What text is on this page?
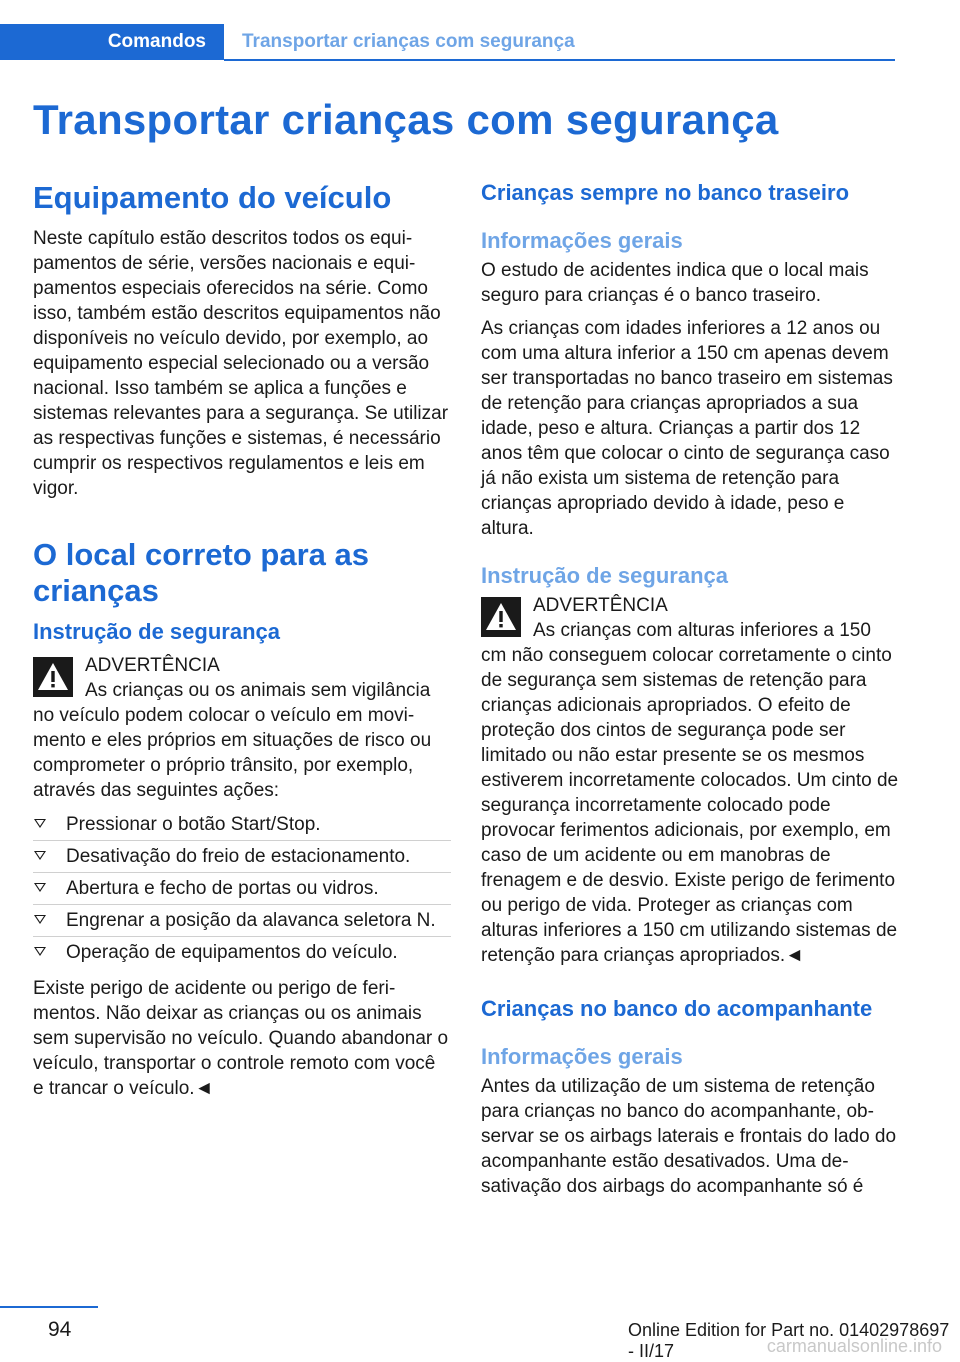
Comandos	Transportar crianças com segurança
Transportar crianças com segurança
Equipamento do veículo

Neste capítulo estão descritos todos os equipamentos de série, versões nacionais e equipamentos especiais oferecidos na série. Como isso, também estão descritos equipamentos não disponíveis no veículo devido, por exemplo, ao equipamento especial selecionado ou a versão nacional. Isso também se aplica a funções e sistemas relevantes para a segurança. Se utilizar as respectivas funções e sistemas, é necessário cumprir os respectivos regulamentos e leis em vigor.

O local correto para as crianças
Instrução de segurança
ADVERTÊNCIA
As crianças ou os animais sem vigilância no veículo podem colocar o veículo em movimento e eles próprios em situações de risco ou comprometer o próprio trânsito, por exemplo, através das seguintes ações:
Pressionar o botão Start/Stop.
Desativação do freio de estacionamento.
Abertura e fecho de portas ou vidros.
Engrenar a posição da alavanca seletora N.
Operação de equipamentos do veículo.

Existe perigo de acidente ou perigo de ferimentos. Não deixar as crianças ou os animais sem supervisão no veículo. Quando abandonar o veículo, transportar o controle remoto com você e trancar o veículo.◄

Crianças sempre no banco traseiro
Informações gerais

O estudo de acidentes indica que o local mais seguro para crianças é o banco traseiro.

As crianças com idades inferiores a 12 anos ou com uma altura inferior a 150 cm apenas devem ser transportadas no banco traseiro em sistemas de retenção para crianças apropriados a sua idade, peso e altura. Crianças a partir dos 12 anos têm que colocar o cinto de segurança caso já não exista um sistema de retenção para crianças apropriado devido à idade, peso e altura.

Instrução de segurança
ADVERTÊNCIA
As crianças com alturas inferiores a 150 cm não conseguem colocar corretamente o cinto de segurança sem sistemas de retenção para crianças adicionais apropriados. O efeito de proteção dos cintos de segurança pode ser limitado ou não estar presente se os mesmos estiverem incorretamente colocados. Um cinto de segurança incorretamente colocado pode provocar ferimentos adicionais, por exemplo, em caso de um acidente ou em manobras de frenagem e de desvio. Existe perigo de ferimento ou perigo de vida. Proteger as crianças com alturas inferiores a 150 cm utilizando sistemas de retenção para crianças apropriados.◄
Crianças no banco do acompanhante
Informações gerais

Antes da utilização de um sistema de retenção para crianças no banco do acompanhante, observar se os airbags laterais e frontais do lado do acompanhante estão desativados. Uma desativação dos airbags do acompanhante só é

94	Online Edition for Part no. 01402978697 - II/17	carmanualsonline.info
